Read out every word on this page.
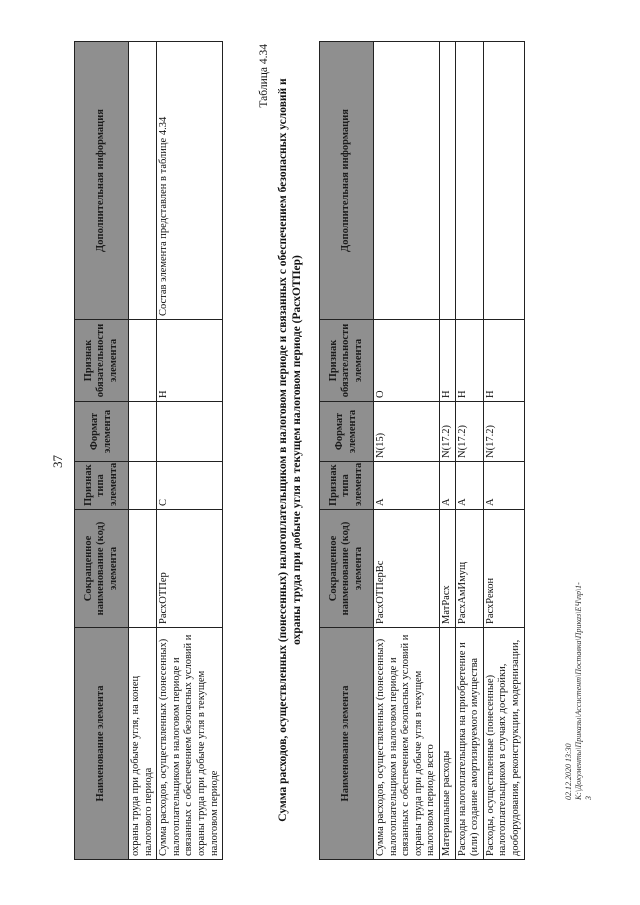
37
Наименование элемента	Сокращенное наименование (код) элемента	Признак типа элемента	Формат элемента	Признак обязательности элемента	Дополнительная информация
охраны труда при добыче угля, на конец налогового периода					
Сумма расходов, осуществленных (понесенных) налогоплательщиком в налоговом периоде и связанных с обеспечением безопасных условий и охраны труда при добыче угля в текущем налоговом периоде	РасхОТПер	С		Н	Состав элемента представлен в таблице 4.34
Таблица 4.34
Сумма расходов, осуществленных (понесенных) налогоплательщиком в налоговом периоде и связанных с обеспечением безопасных условий и охраны труда при добыче угля в текущем налоговом периоде (РасхОТПер)
Наименование элемента	Сокращенное наименование (код) элемента	Признак типа элемента	Формат элемента	Признак обязательности элемента	Дополнительная информация
Сумма расходов, осуществленных (понесенных) налогоплательщиком в налоговом периоде и связанных с обеспечением безопасных условий и охраны труда при добыче угля в текущем налоговом периоде всего	РасхОТПерВс	А	N(15)	О	
Материальные расходы	МатРасх	А	N(17.2)	Н	
Расходы налогоплательщика на приобретение и (или) создание амортизируемого имущества	РасхАмИмущ	А	N(17.2)	Н	
Расходы, осуществленные (понесенные) налогоплательщиком в случаях достройки, дооборудования, реконструкции, модернизации,	РасхРекон	А	N(17.2)	Н	
02.12.2020 13:30 К:\Документы\Приказы\Ассистент\Поставка\Приказ\ЕЧ\пр\1-3
